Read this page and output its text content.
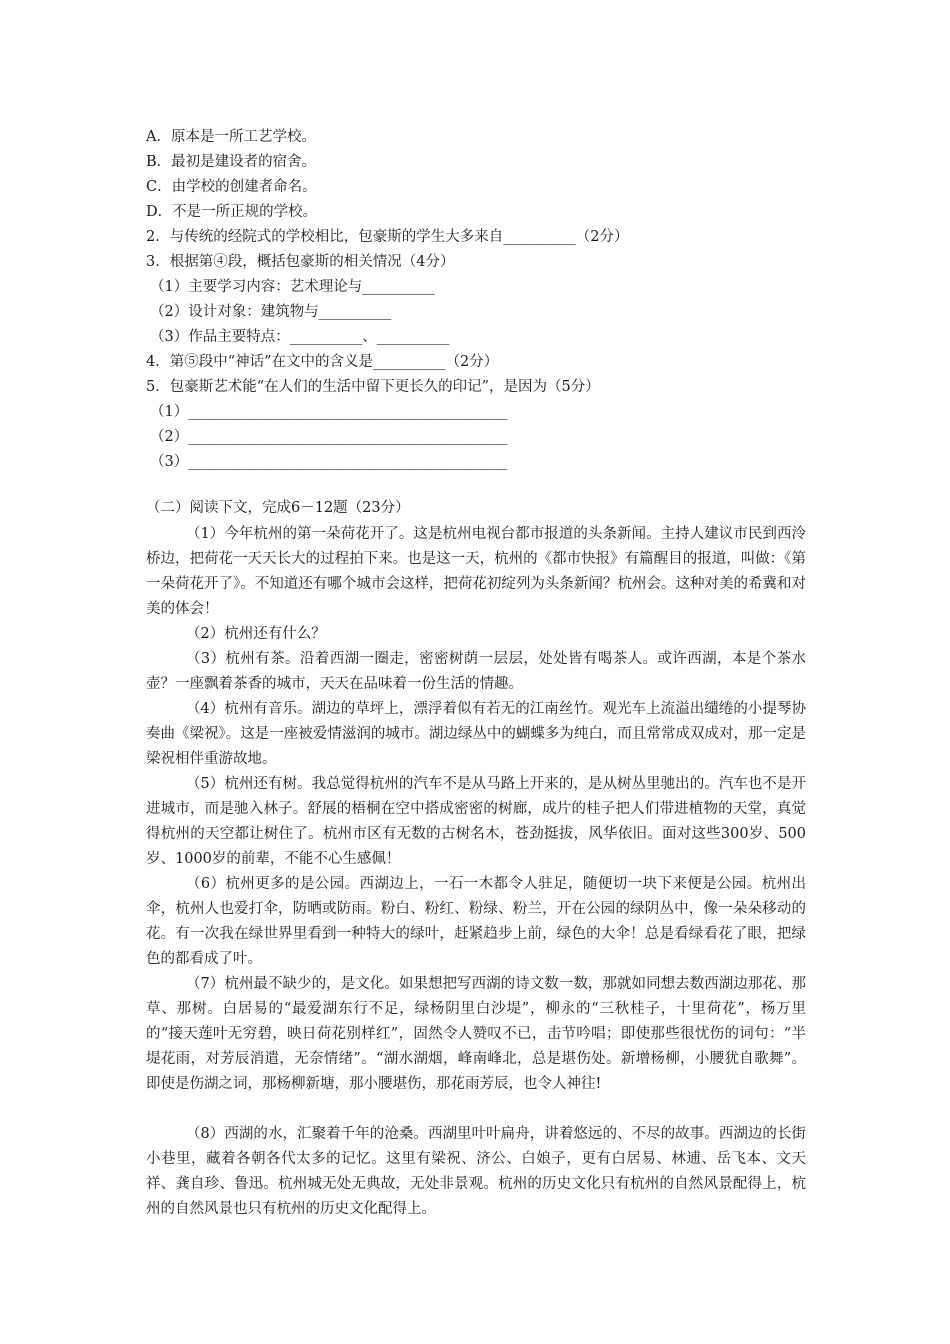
A．原本是一所工艺学校。
B．最初是建设者的宿舍。
C．由学校的创建者命名。
D．不是一所正规的学校。
2．与传统的经院式的学校相比，包豪斯的学生大多来自__________（2分）
3．根据第④段，概括包豪斯的相关情况（4分）
（1）主要学习内容：艺术理论与__________
（2）设计对象：建筑物与__________
（3）作品主要特点：__________、__________
4．第⑤段中“神话”在文中的含义是__________（2分）
5．包豪斯艺术能“在人们的生活中留下更长久的印记”，是因为（5分）
（1）____________________________________________
（2）____________________________________________
（3）____________________________________________
（二）阅读下文，完成6－12题（23分）
（1）今年杭州的第一朵荷花开了。这是杭州电视台都市报道的头条新闻。主持人建议市民到西泠桥边，把荷花一天天长大的过程拍下来。也是这一天，杭州的《都市快报》有篇醒目的报道，叫做：《第一朵荷花开了》。不知道还有哪个城市会这样，把荷花初绽列为头条新闻？杭州会。这种对美的希冀和对美的体会！
（2）杭州还有什么？
（3）杭州有茶。沿着西湖一圈走，密密树荫一层层，处处皆有喝茶人。或许西湖，本是个茶水壶？一座飘着茶香的城市，天天在品味着一份生活的情趣。
（4）杭州有音乐。湖边的草坪上，漂浮着似有若无的江南丝竹。观光车上流溢出缱绻的小提琴协奏曲《梁祝》。这是一座被爱情滋润的城市。湖边绿丛中的蝴蝶多为纯白，而且常常成双成对，那一定是梁祝相伴重游故地。
（5）杭州还有树。我总觉得杭州的汽车不是从马路上开来的，是从树丛里驰出的。汽车也不是开进城市，而是驰入林子。舒展的梧桐在空中搭成密密的树廊，成片的桂子把人们带进植物的天堂，真觉得杭州的天空都让树住了。杭州市区有无数的古树名木，苍劲挺拔，风华依旧。面对这些300岁、500岁、1000岁的前辈，不能不心生感佩！
（6）杭州更多的是公园。西湖边上，一石一木都令人驻足，随便切一块下来便是公园。杭州出伞，杭州人也爱打伞，防晒或防雨。粉白、粉红、粉绿、粉兰，开在公园的绿阴丛中，像一朵朵移动的花。有一次我在绿世界里看到一种特大的绿叶，赶紧趋步上前，绿色的大伞！总是看绿看花了眼，把绿色的都看成了叶。
（7）杭州最不缺少的，是文化。如果想把写西湖的诗文数一数，那就如同想去数西湖边那花、那草、那树。白居易的“最爱湖东行不足，绿杨阴里白沙堤”，柳永的“三秋桂子，十里荷花”，杨万里的“接天莲叶无穷碧，映日荷花别样红”，固然令人赞叹不已，击节吟唱；即使那些很忧伤的词句：“半堤花雨，对芳辰消遣，无奈情绪”。“湖水湖烟，峰南峰北，总是堪伤处。新增杨柳，小腰犹自歌舞”。即使是伤湖之词，那杨柳新塘，那小腰堪伤，那花雨芳辰，也令人神往!
（8）西湖的水，汇聚着千年的沧桑。西湖里叶叶扁舟，讲着悠远的、不尽的故事。西湖边的长街小巷里，藏着各朝各代太多的记忆。这里有梁祝、济公、白娘子，更有白居易、林逋、岳飞本、文天祥、龚自珍、鲁迅。杭州城无处无典故，无处非景观。杭州的历史文化只有杭州的自然风景配得上，杭州的自然风景也只有杭州的历史文化配得上。
